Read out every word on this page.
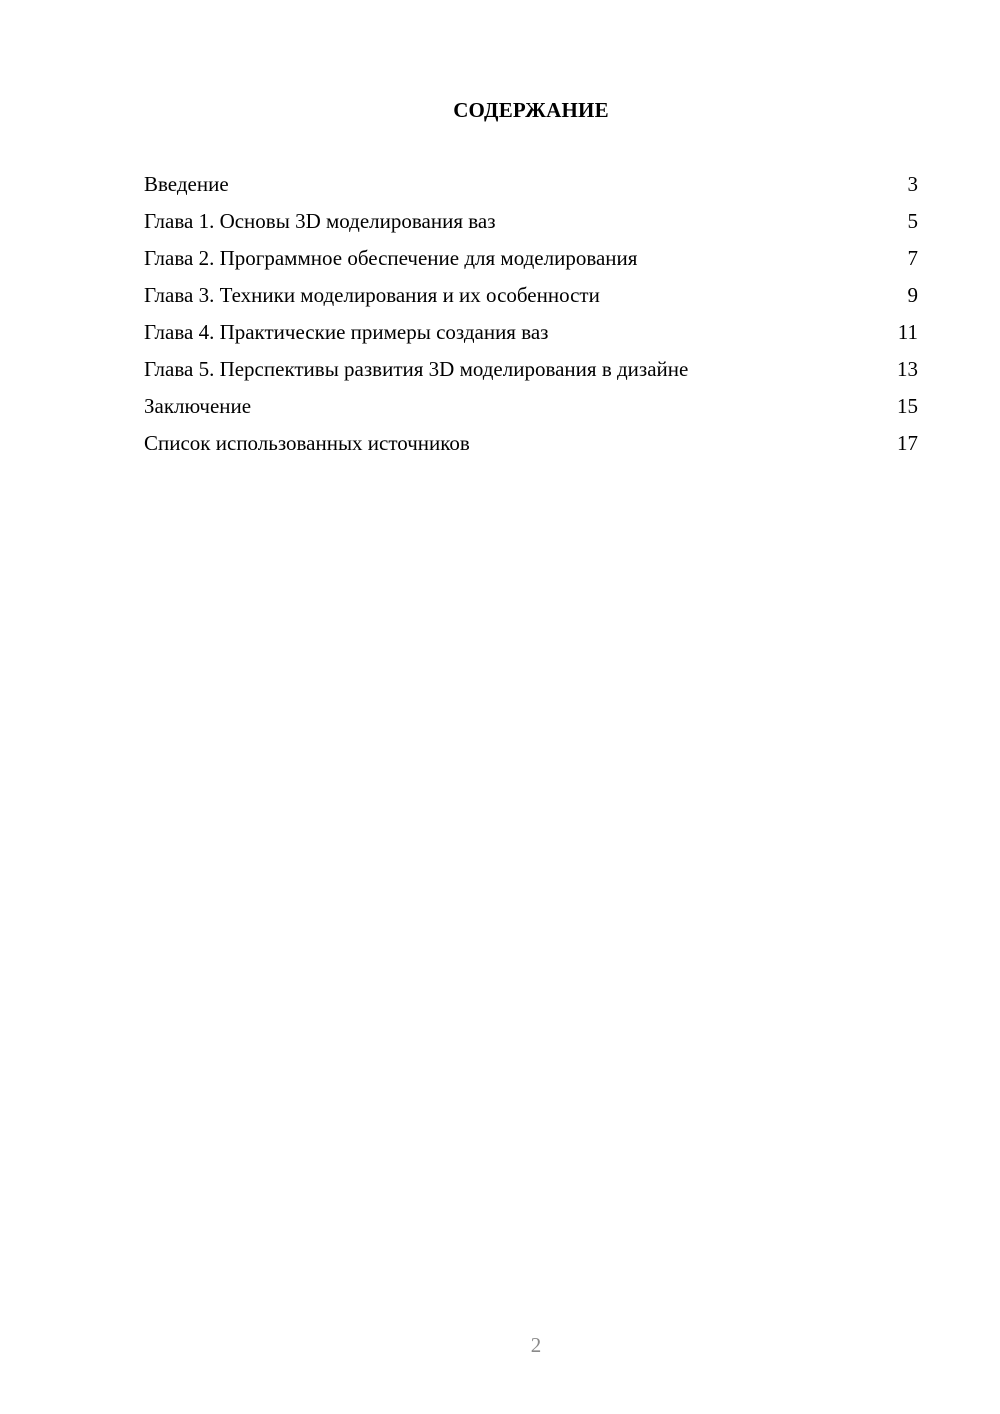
СОДЕРЖАНИЕ
Введение	3
Глава 1. Основы 3D моделирования ваз	5
Глава 2. Программное обеспечение для моделирования	7
Глава 3. Техники моделирования и их особенности	9
Глава 4. Практические примеры создания ваз	11
Глава 5. Перспективы развития 3D моделирования в дизайне	13
Заключение	15
Список использованных источников	17
2
